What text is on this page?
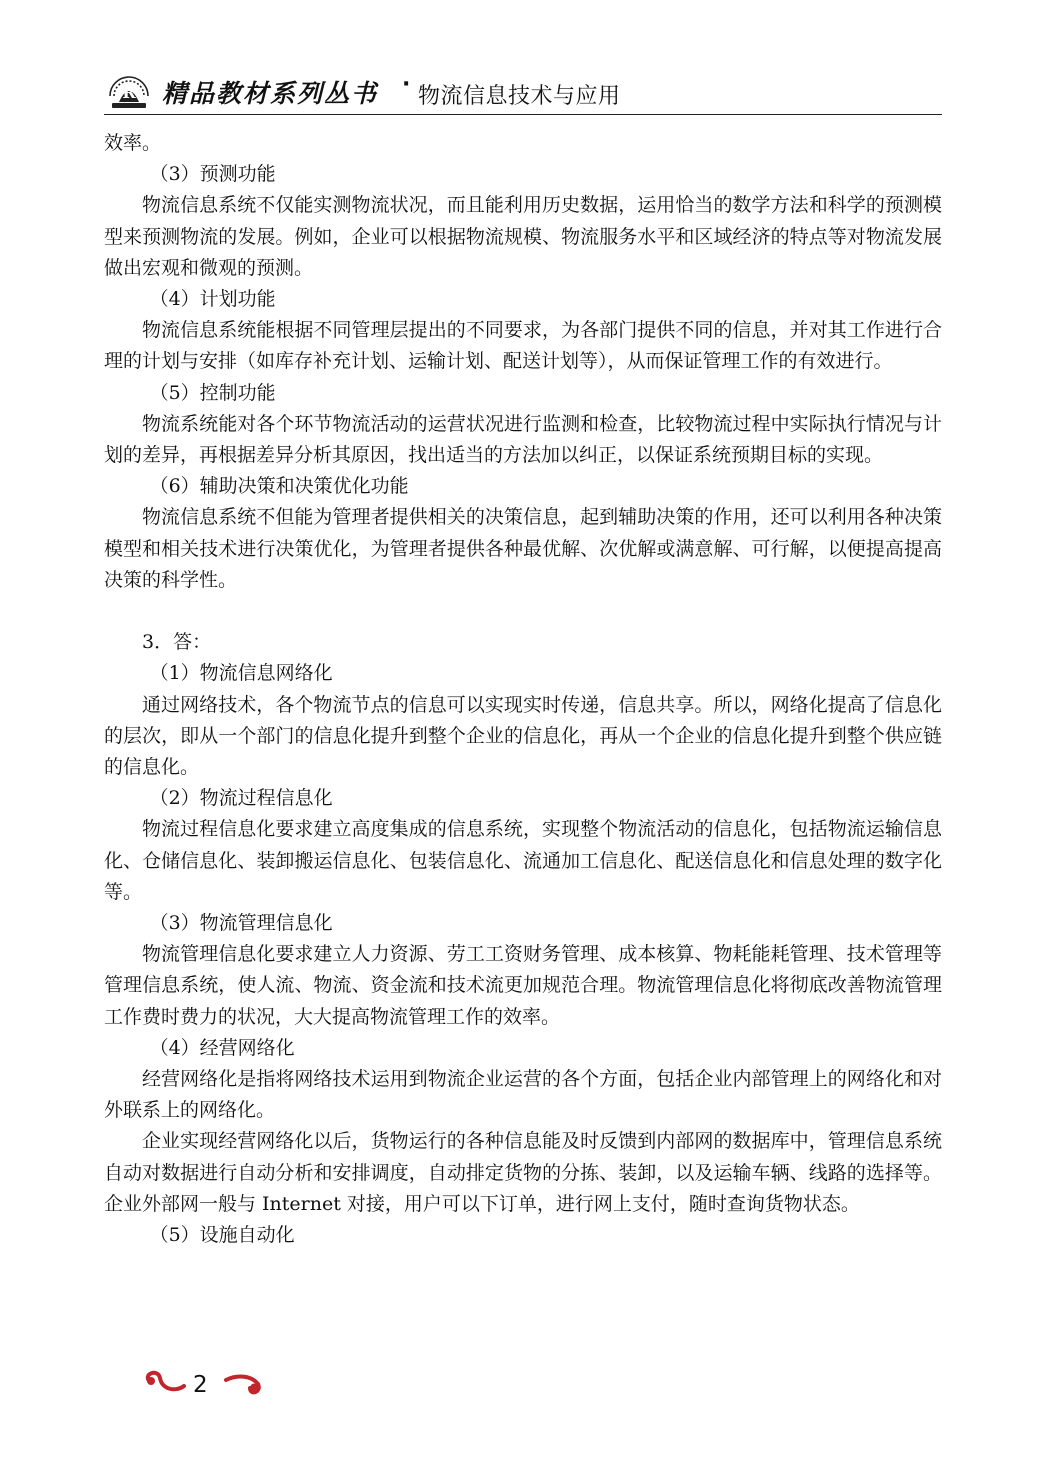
R 精品教材系列丛书 · 物流信息技术与应用

效率。

（3）预测功能

物流信息系统不仅能实测物流状况，而且能利用历史数据，运用恰当的数学方法和科学的预测模型来预测物流的发展。例如，企业可以根据物流规模、物流服务水平和区域经济的特点等对物流发展做出宏观和微观的预测。

（4）计划功能

物流信息系统能根据不同管理层提出的不同要求，为各部门提供不同的信息，并对其工作进行合理的计划与安排（如库存补充计划、运输计划、配送计划等），从而保证管理工作的有效进行。

（5）控制功能

物流系统能对各个环节物流活动的运营状况进行监测和检查，比较物流过程中实际执行情况与计划的差异，再根据差异分析其原因，找出适当的方法加以纠正，以保证系统预期目标的实现。

（6）辅助决策和决策优化功能

物流信息系统不但能为管理者提供相关的决策信息，起到辅助决策的作用，还可以利用各种决策模型和相关技术进行决策优化，为管理者提供各种最优解、次优解或满意解、可行解，以便提高提高决策的科学性。

3．答：

（1）物流信息网络化

通过网络技术，各个物流节点的信息可以实现实时传递，信息共享。所以，网络化提高了信息化的层次，即从一个部门的信息化提升到整个企业的信息化，再从一个企业的信息化提升到整个供应链的信息化。

（2）物流过程信息化

物流过程信息化要求建立高度集成的信息系统，实现整个物流活动的信息化，包括物流运输信息化、仓储信息化、装卸搬运信息化、包装信息化、流通加工信息化、配送信息化和信息处理的数字化等。

（3）物流管理信息化

物流管理信息化要求建立人力资源、劳工工资财务管理、成本核算、物耗能耗管理、技术管理等管理信息系统，使人流、物流、资金流和技术流更加规范合理。物流管理信息化将彻底改善物流管理工作费时费力的状况，大大提高物流管理工作的效率。

（4）经营网络化

经营网络化是指将网络技术运用到物流企业运营的各个方面，包括企业内部管理上的网络化和对外联系上的网络化。

企业实现经营网络化以后，货物运行的各种信息能及时反馈到内部网的数据库中，管理信息系统自动对数据进行自动分析和安排调度，自动排定货物的分拣、装卸，以及运输车辆、线路的选择等。企业外部网一般与 Internet 对接，用户可以下订单，进行网上支付，随时查询货物状态。

（5）设施自动化

2
